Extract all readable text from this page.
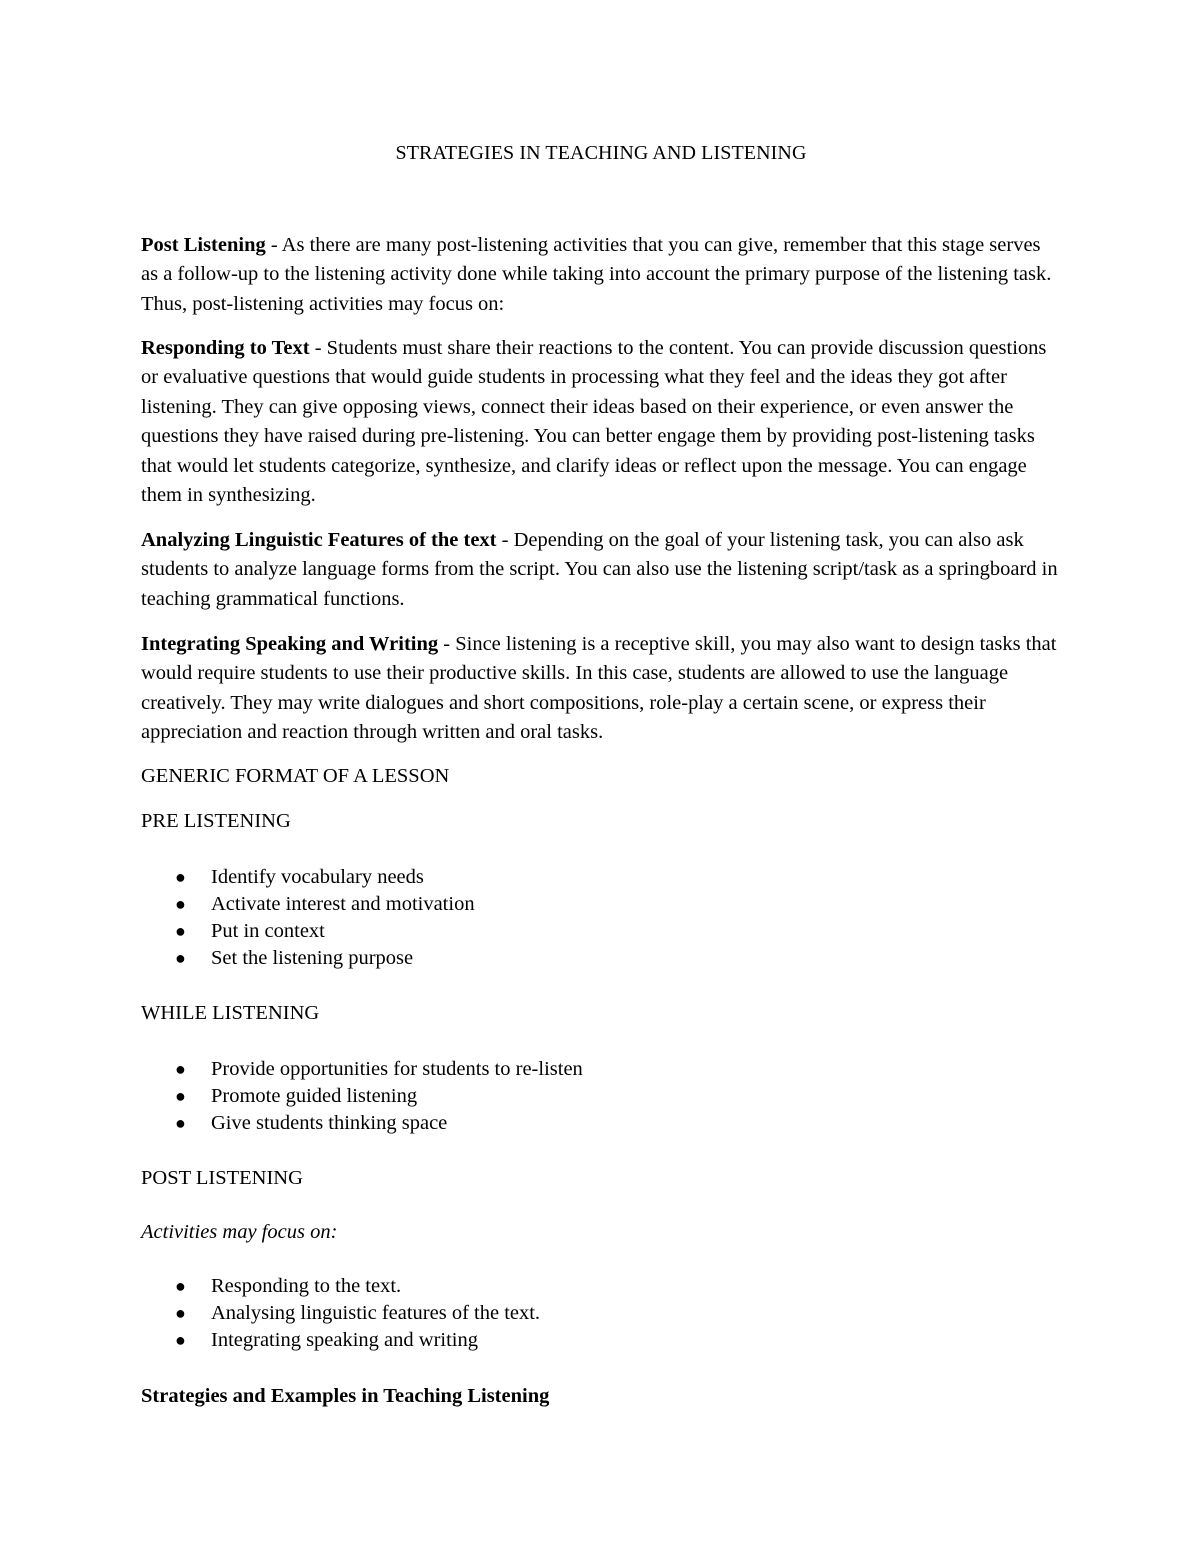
STRATEGIES IN TEACHING AND LISTENING

Post Listening - As there are many post-listening activities that you can give, remember that this stage serves as a follow-up to the listening activity done while taking into account the primary purpose of the listening task. Thus, post-listening activities may focus on:

Responding to Text - Students must share their reactions to the content. You can provide discussion questions or evaluative questions that would guide students in processing what they feel and the ideas they got after listening. They can give opposing views, connect their ideas based on their experience, or even answer the questions they have raised during pre-listening. You can better engage them by providing post-listening tasks that would let students categorize, synthesize, and clarify ideas or reflect upon the message. You can engage them in synthesizing.

Analyzing Linguistic Features of the text - Depending on the goal of your listening task, you can also ask students to analyze language forms from the script. You can also use the listening script/task as a springboard in teaching grammatical functions.

Integrating Speaking and Writing - Since listening is a receptive skill, you may also want to design tasks that would require students to use their productive skills. In this case, students are allowed to use the language creatively. They may write dialogues and short compositions, role-play a certain scene, or express their appreciation and reaction through written and oral tasks.

GENERIC FORMAT OF A LESSON
PRE LISTENING
● Identify vocabulary needs
● Activate interest and motivation
● Put in context
● Set the listening purpose
WHILE LISTENING
● Provide opportunities for students to re-listen
● Promote guided listening
● Give students thinking space
POST LISTENING
Activities may focus on:
● Responding to the text.
● Analysing linguistic features of the text.
● Integrating speaking and writing
Strategies and Examples in Teaching Listening
